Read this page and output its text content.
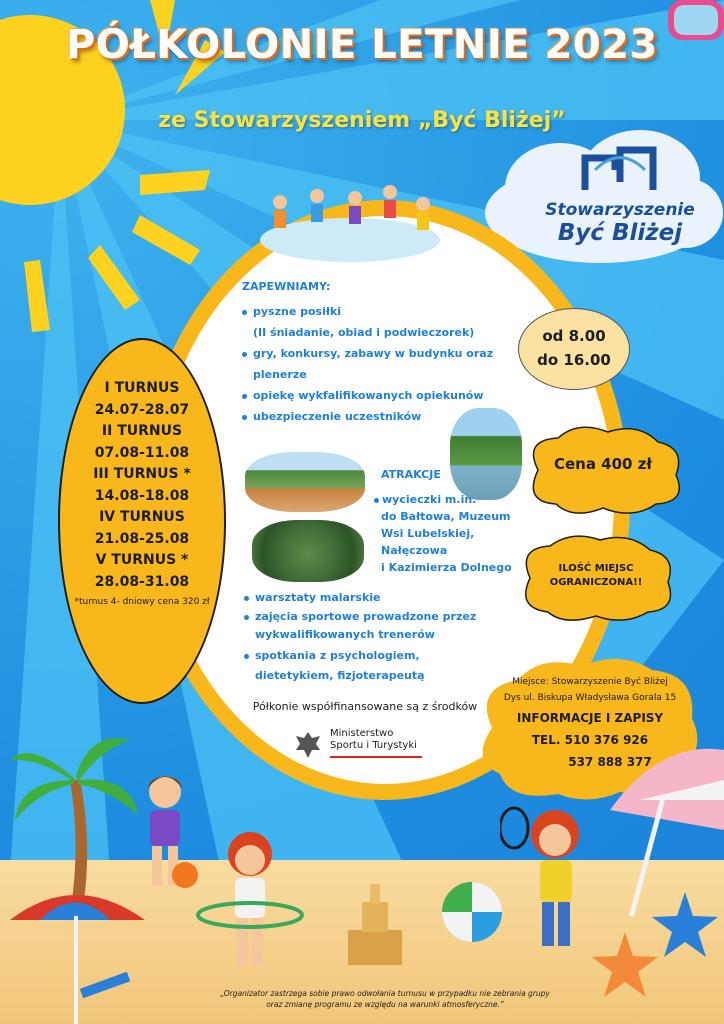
Stowarzyszenie
Być Bliżej
PÓŁKOLONIE LETNIE 2023
ze Stowarzyszeniem „Być Bliżej”
ZAPEWNIAMY:
pyszne posiłki
(II śniadanie, obiad i podwieczorek)
gry, konkursy, zabawy w budynku oraz
plenerze
opiekę wykfalifikowanych opiekunów
ubezpieczenie uczestników
od 8.00
do 16.00
Cena 400 zł
ATRAKCJE
wycieczki m.in.
do Bałtowa, Muzeum
Wsi Lubelskiej,
Nałęczowa
i Kazimierza Dolnego	ILOŚĆ MIEJSC
OGRANICZONA!!
I TURNUS
24.07-28.07
II TURNUS
07.08-11.08
III TURNUS *
14.08-18.08
IV TURNUS
21.08-25.08
V TURNUS *
28.08-31.08
*turnus 4- dniowy cena 320 zł	warsztaty malarskie
zajęcia sportowe prowadzone przez
wykwalifikowanych trenerów
spotkania z psychologiem,
dietetykiem, fizjoterapeutą
Półkonie współfinansowane są z środków
Ministerstwo
Sportu i Turystyki
Miejsce: Stowarzyszenie Być Bliżej
Dys ul. Biskupa Władysława Gorala 15
INFORMACJE I ZAPISY
TEL. 510 376 926
537 888 377
„Organizator zastrzega sobie prawo odwołania turnusu w przypadku nie zebrania grupy
oraz zmianę programu ze względu na warunki atmosferyczne.”
